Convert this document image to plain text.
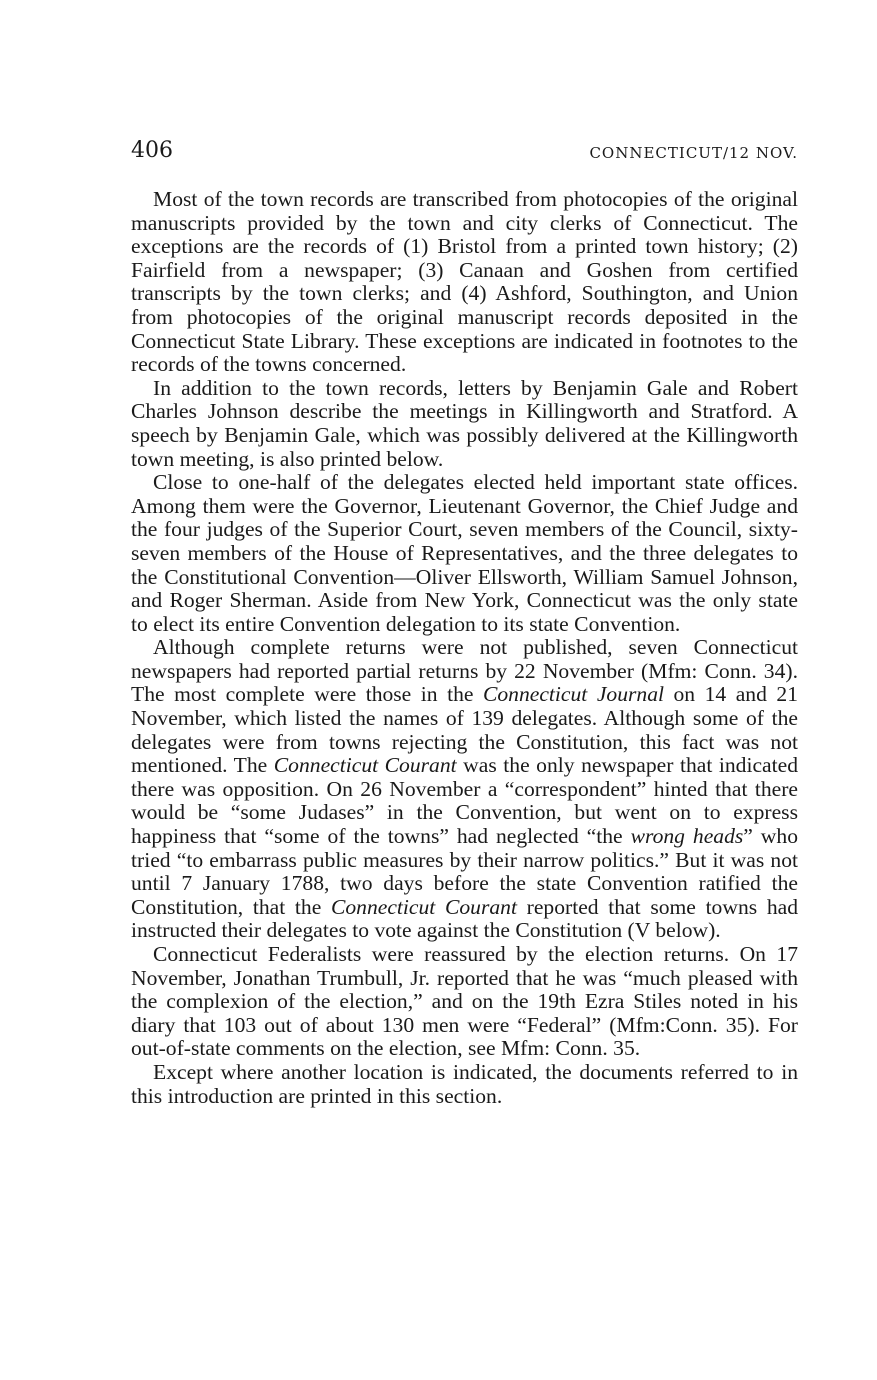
406	CONNECTICUT/12 NOV.

Most of the town records are transcribed from photocopies of the original manuscripts provided by the town and city clerks of Connecticut. The exceptions are the records of (1) Bristol from a printed town history; (2) Fairfield from a newspaper; (3) Canaan and Goshen from certified transcripts by the town clerks; and (4) Ashford, Southington, and Union from photocopies of the original manuscript records deposited in the Connecticut State Library. These exceptions are indicated in footnotes to the records of the towns concerned.

In addition to the town records, letters by Benjamin Gale and Robert Charles Johnson describe the meetings in Killingworth and Stratford. A speech by Benjamin Gale, which was possibly delivered at the Killingworth town meeting, is also printed below.

Close to one-half of the delegates elected held important state offices. Among them were the Governor, Lieutenant Governor, the Chief Judge and the four judges of the Superior Court, seven members of the Council, sixty-seven members of the House of Representatives, and the three delegates to the Constitutional Convention—Oliver Ellsworth, William Samuel Johnson, and Roger Sherman. Aside from New York, Connecticut was the only state to elect its entire Convention delegation to its state Convention.

Although complete returns were not published, seven Connecticut newspapers had reported partial returns by 22 November (Mfm: Conn. 34). The most complete were those in the Connecticut Journal on 14 and 21 November, which listed the names of 139 delegates. Although some of the delegates were from towns rejecting the Constitution, this fact was not mentioned. The Connecticut Courant was the only newspaper that indicated there was opposition. On 26 November a “correspondent” hinted that there would be “some Judases” in the Convention, but went on to express happiness that “some of the towns” had neglected “the wrong heads” who tried “to embarrass public measures by their narrow politics.” But it was not until 7 January 1788, two days before the state Convention ratified the Constitution, that the Connecticut Courant reported that some towns had instructed their delegates to vote against the Constitution (V below).

Connecticut Federalists were reassured by the election returns. On 17 November, Jonathan Trumbull, Jr. reported that he was “much pleased with the complexion of the election,” and on the 19th Ezra Stiles noted in his diary that 103 out of about 130 men were “Federal” (Mfm:Conn. 35). For out-of-state comments on the election, see Mfm: Conn. 35.

Except where another location is indicated, the documents referred to in this introduction are printed in this section.
